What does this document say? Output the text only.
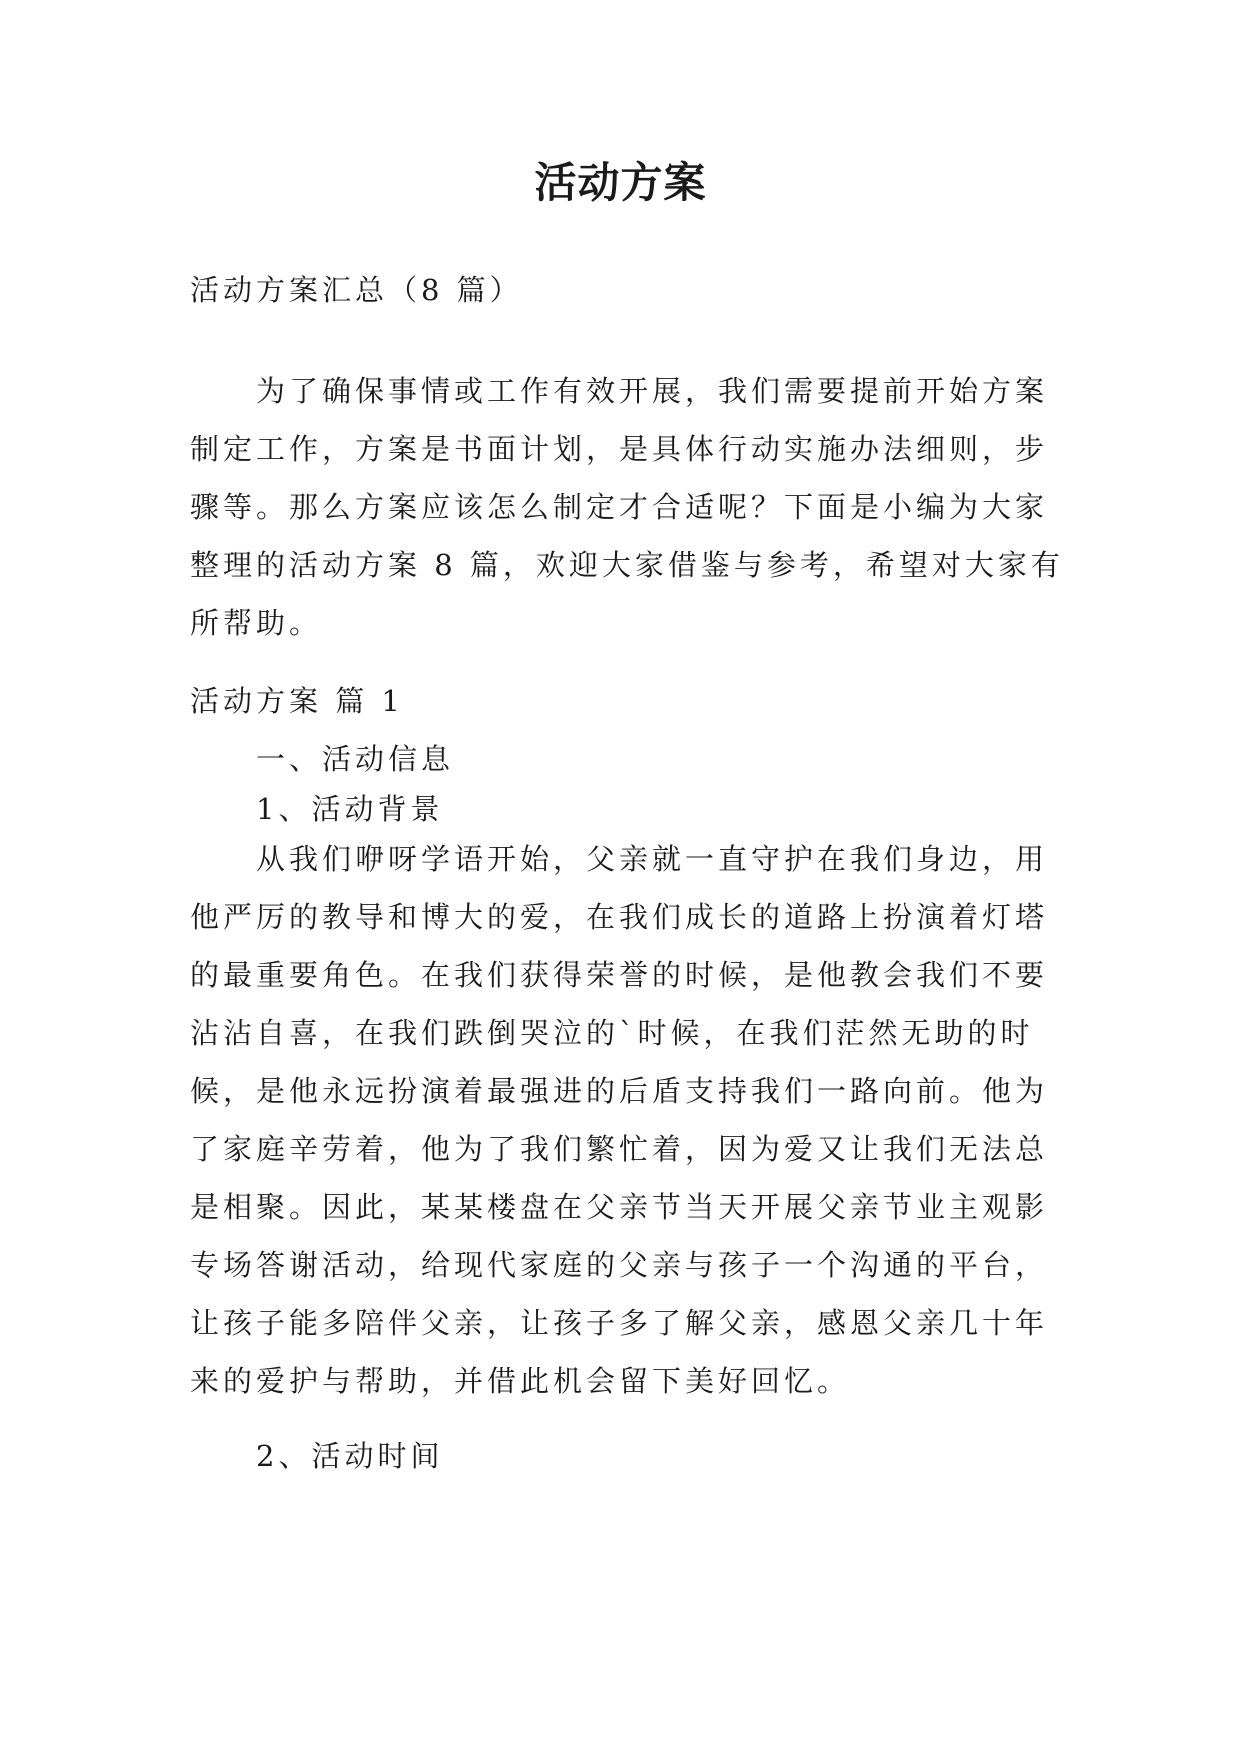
活动方案

活动方案汇总（8 篇）

为了确保事情或工作有效开展，我们需要提前开始方案
制定工作，方案是书面计划，是具体行动实施办法细则，步
骤等。那么方案应该怎么制定才合适呢？下面是小编为大家
整理的活动方案 8 篇，欢迎大家借鉴与参考，希望对大家有
所帮助。

活动方案 篇 1

一、活动信息

1、活动背景

从我们咿呀学语开始，父亲就一直守护在我们身边，用
他严厉的教导和博大的爱，在我们成长的道路上扮演着灯塔
的最重要角色。在我们获得荣誉的时候，是他教会我们不要
沾沾自喜，在我们跌倒哭泣的`时候，在我们茫然无助的时
候，是他永远扮演着最强进的后盾支持我们一路向前。他为
了家庭辛劳着，他为了我们繁忙着，因为爱又让我们无法总
是相聚。因此，某某楼盘在父亲节当天开展父亲节业主观影
专场答谢活动，给现代家庭的父亲与孩子一个沟通的平台，
让孩子能多陪伴父亲，让孩子多了解父亲，感恩父亲几十年
来的爱护与帮助，并借此机会留下美好回忆。

2、活动时间
